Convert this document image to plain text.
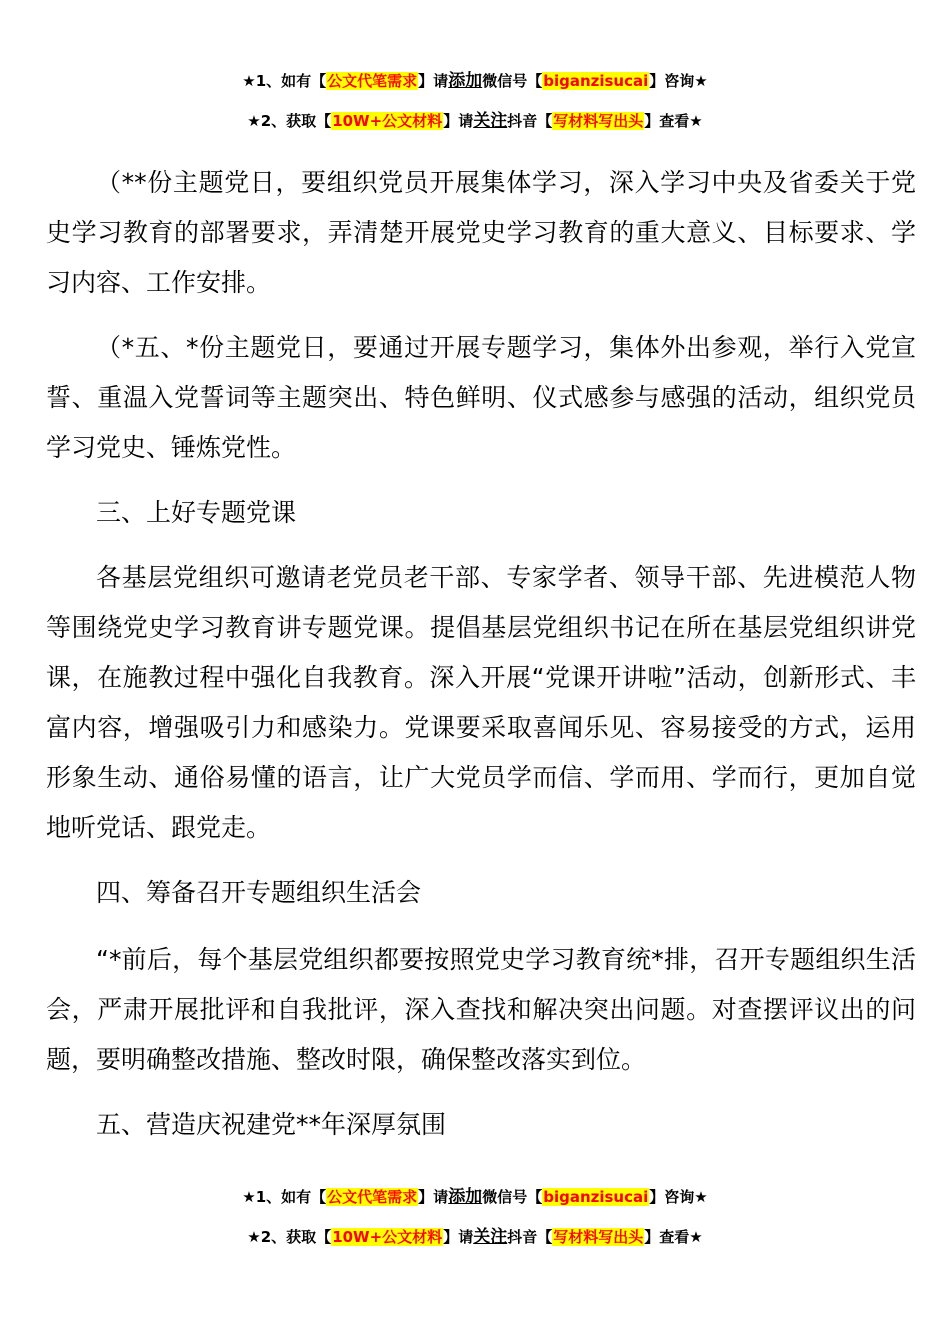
★1、如有【公文代笔需求】请添加微信号【biganzisucai】咨询★
★2、获取【10W+公文材料】请关注抖音【写材料写出头】查看★

（**份主题党日，要组织党员开展集体学习，深入学习中央及省委关于党史学习教育的部署要求，弄清楚开展党史学习教育的重大意义、目标要求、学习内容、工作安排。

（*五、*份主题党日，要通过开展专题学习，集体外出参观，举行入党宣誓、重温入党誓词等主题突出、特色鲜明、仪式感参与感强的活动，组织党员学习党史、锤炼党性。

三、上好专题党课

各基层党组织可邀请老党员老干部、专家学者、领导干部、先进模范人物等围绕党史学习教育讲专题党课。提倡基层党组织书记在所在基层党组织讲党课，在施教过程中强化自我教育。深入开展“党课开讲啦”活动，创新形式、丰富内容，增强吸引力和感染力。党课要采取喜闻乐见、容易接受的方式，运用形象生动、通俗易懂的语言，让广大党员学而信、学而用、学而行，更加自觉地听党话、跟党走。

四、筹备召开专题组织生活会

“*前后，每个基层党组织都要按照党史学习教育统*排，召开专题组织生活会，严肃开展批评和自我批评，深入查找和解决突出问题。对查摆评议出的问题，要明确整改措施、整改时限，确保整改落实到位。

五、营造庆祝建党**年深厚氛围

★1、如有【公文代笔需求】请添加微信号【biganzisucai】咨询★
★2、获取【10W+公文材料】请关注抖音【写材料写出头】查看★
